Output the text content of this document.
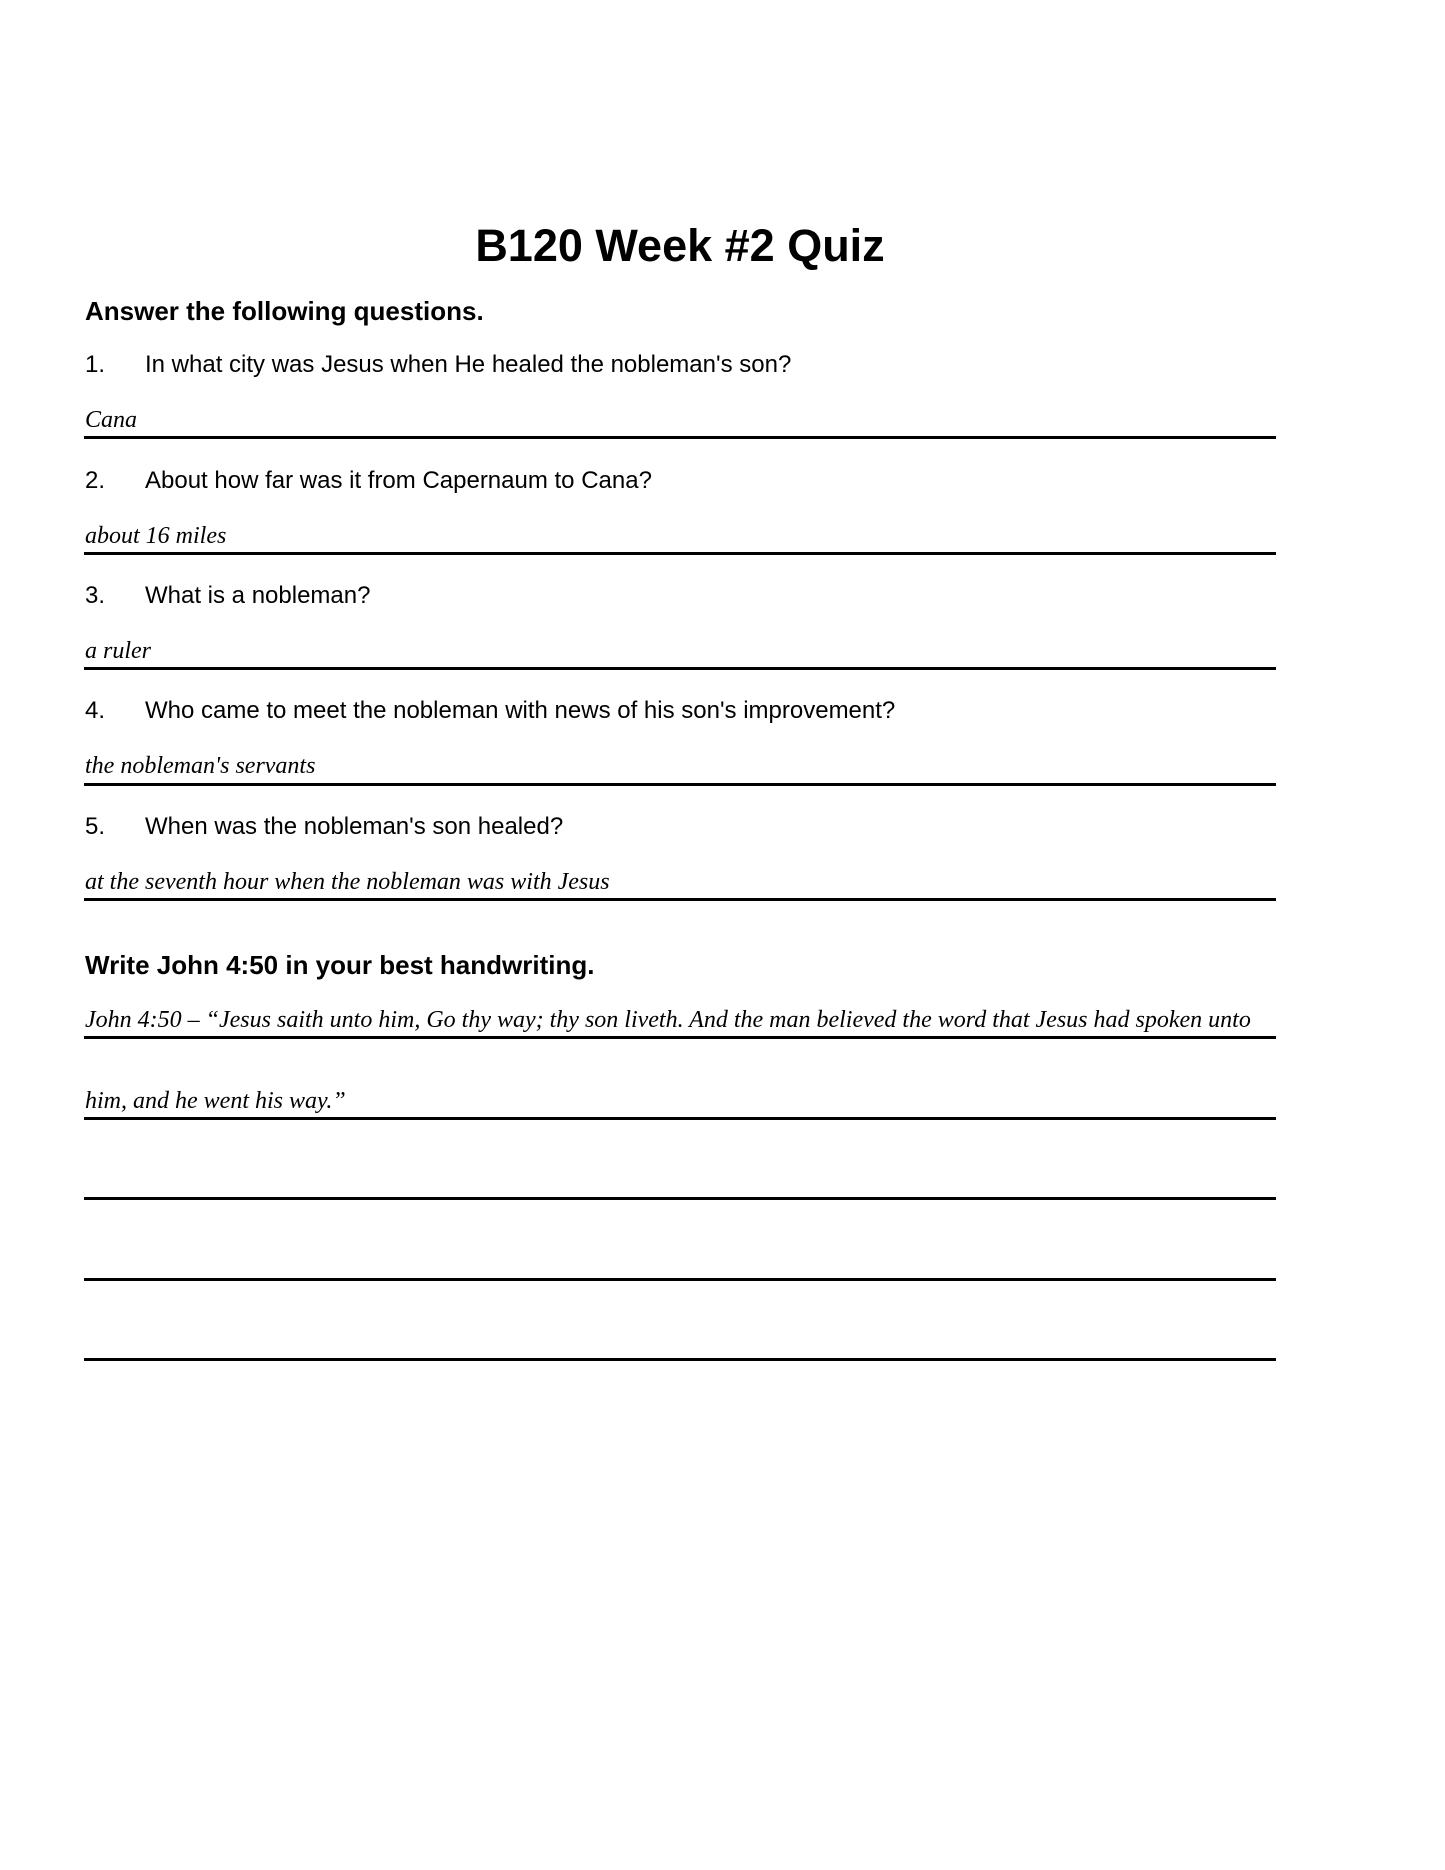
B120 Week #2 Quiz
Answer the following questions.
1. In what city was Jesus when He healed the nobleman's son?
Cana
2. About how far was it from Capernaum to Cana?
about 16 miles
3. What is a nobleman?
a ruler
4. Who came to meet the nobleman with news of his son's improvement?
the nobleman's servants
5. When was the nobleman's son healed?
at the seventh hour when the nobleman was with Jesus
Write John 4:50 in your best handwriting.
John 4:50 – “Jesus saith unto him, Go thy way; thy son liveth. And the man believed the word that Jesus had spoken unto
him, and he went his way.”
